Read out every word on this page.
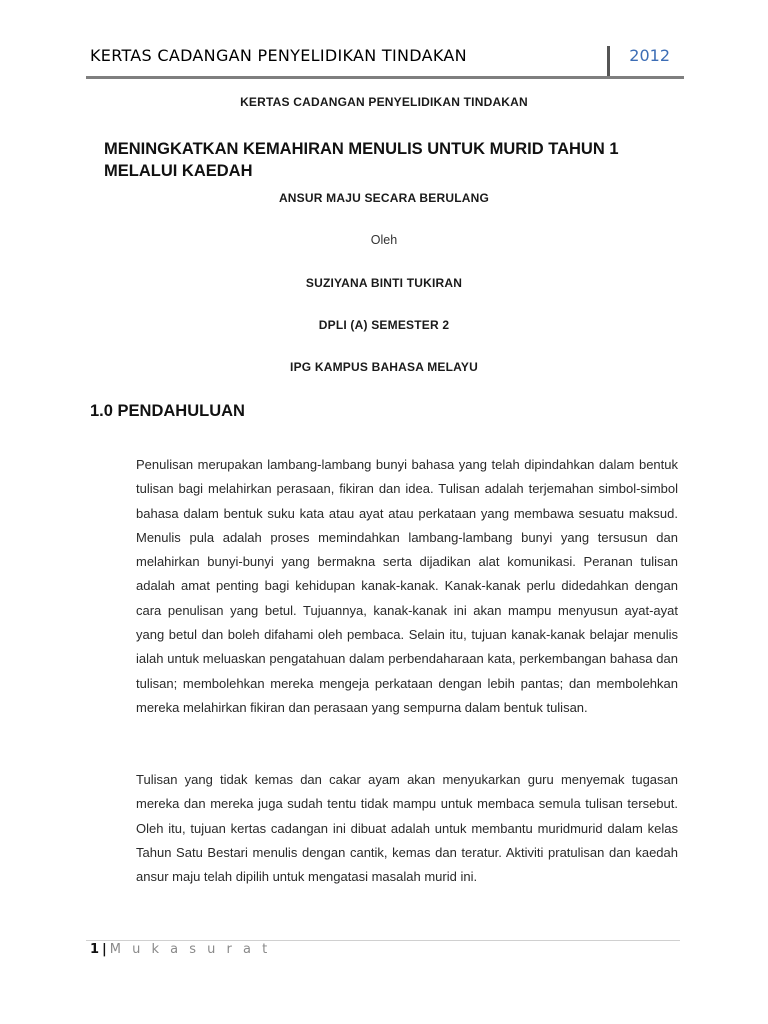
KERTAS CADANGAN PENYELIDIKAN TINDAKAN	2012
KERTAS CADANGAN PENYELIDIKAN TINDAKAN
MENINGKATKAN KEMAHIRAN MENULIS UNTUK MURID TAHUN 1 MELALUI KAEDAH
ANSUR MAJU SECARA BERULANG
Oleh
SUZIYANA BINTI TUKIRAN
DPLI (A) SEMESTER 2
IPG KAMPUS BAHASA MELAYU
1.0 PENDAHULUAN

Penulisan merupakan lambang-lambang bunyi bahasa yang telah dipindahkan dalam bentuk tulisan bagi melahirkan perasaan, fikiran dan idea. Tulisan adalah terjemahan simbol-simbol bahasa dalam bentuk suku kata atau ayat atau perkataan yang membawa sesuatu maksud. Menulis pula adalah proses memindahkan lambang-lambang bunyi yang tersusun dan melahirkan bunyi-bunyi yang bermakna serta dijadikan alat komunikasi. Peranan tulisan adalah amat penting bagi kehidupan kanak-kanak. Kanak-kanak perlu didedahkan dengan cara penulisan yang betul. Tujuannya, kanak-kanak ini akan mampu menyusun ayat-ayat yang betul dan boleh difahami oleh pembaca. Selain itu, tujuan kanak-kanak belajar menulis ialah untuk meluaskan pengatahuan dalam perbendaharaan kata, perkembangan bahasa dan tulisan; membolehkan mereka mengeja perkataan dengan lebih pantas; dan membolehkan mereka melahirkan fikiran dan perasaan yang sempurna dalam bentuk tulisan.

Tulisan yang tidak kemas dan cakar ayam akan menyukarkan guru menyemak tugasan mereka dan mereka juga sudah tentu tidak mampu untuk membaca semula tulisan tersebut. Oleh itu, tujuan kertas cadangan ini dibuat adalah untuk membantu muridmurid dalam kelas Tahun Satu Bestari menulis dengan cantik, kemas dan teratur. Aktiviti pratulisan dan kaedah ansur maju telah dipilih untuk mengatasi masalah murid ini.

1 | M u k a s u r a t
